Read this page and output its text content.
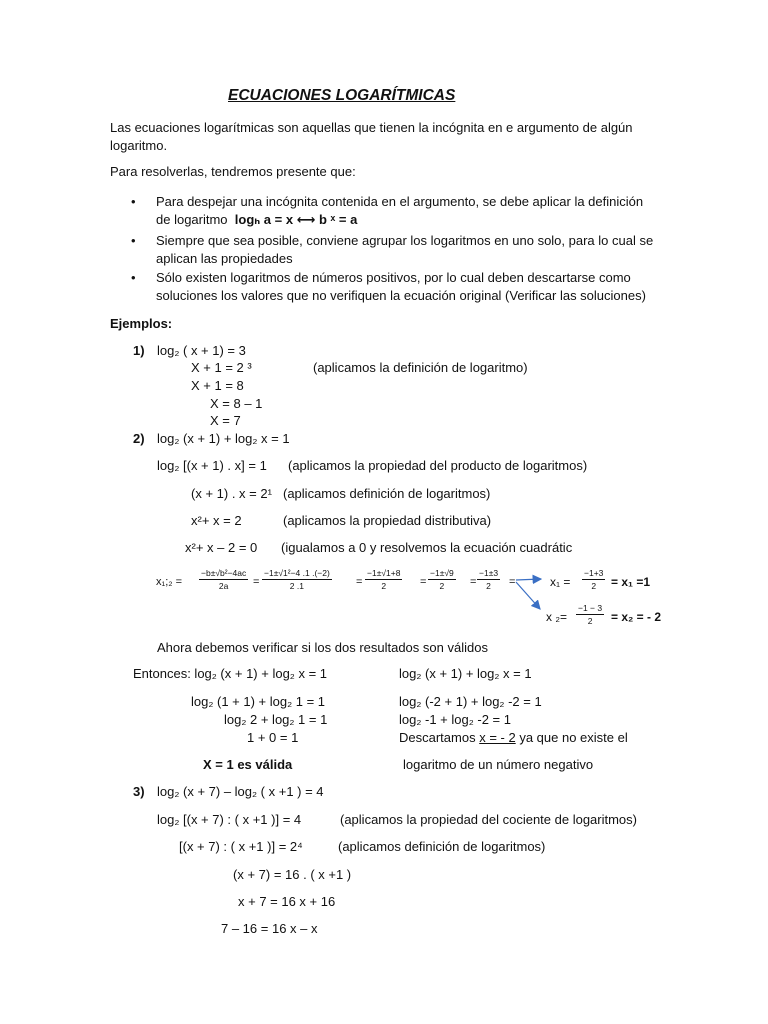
ECUACIONES LOGARÍTMICAS
Las ecuaciones logarítmicas son aquellas que tienen la incógnita en e argumento de algún
logaritmo.
Para resolverlas, tendremos presente que:
• Para despejar una incógnita contenida en el argumento, se debe aplicar la definición
de logaritmo logₕ a = x ⟷ b ˣ = a
• Siempre que sea posible, conviene agrupar los logaritmos en uno solo, para lo cual se
aplican las propiedades
• Sólo existen logaritmos de números positivos, por lo cual deben descartarse como
soluciones los valores que no verifiquen la ecuación original (Verificar las soluciones)
Ejemplos:
1) log₂ ( x + 1) = 3
X + 1 = 2 ³	(aplicamos la definición de logaritmo)
X + 1 = 8
X = 8 – 1
X = 7
2) log₂ (x + 1) + log₂ x = 1
log₂ [(x + 1) . x] = 1 (aplicamos la propiedad del producto de logaritmos)
(x + 1) . x = 2¹ (aplicamos definición de logaritmos)
x²+ x = 2	(aplicamos la propiedad distributiva)
x²+ x – 2 = 0 (igualamos a 0 y resolvemos la ecuación cuadrátic
x₁;₂ = $\frac{\text{−b±√b²−4ac}}{2a} = \frac{\text{−1±√1²−4 .1 .(−2)}}{2 .1} = \frac{-1\pm√1+8}{2} = \frac{-1\pm√9}{2} = \frac{-1\pm 3}{2}$ =	$x_1 = \frac{-1+3}{2} = x_1 =1$
x $_2= \frac{-1 - 3}{2} = x_2$ = - 2
Ahora debemos verificar si los dos resultados son válidos
Entonces: log₂ (x + 1) + log₂ x = 1
log₂ (1 + 1) + log₂ 1 = 1
log₂ 2 + log₂ 1 = 1
1 + 0 = 1
X = 1 es válida
log₂ (x + 1) + log₂ x = 1
log₂ (-2 + 1) + log₂ -2 = 1
log₂ -1 + log₂ -2 = 1
Descartamos x = - 2 ya que no existe el
logaritmo de un número negativo
3) log₂ (x + 7) – log₂ ( x +1 ) = 4
log₂ [(x + 7) : ( x +1 )] = 4	(aplicamos la propiedad del cociente de logaritmos)
[(x + 7) : ( x +1 )] = 2⁴	(aplicamos definición de logaritmos)
(x + 7) = 16 . ( x +1 )
x + 7 = 16 x + 16
7 – 16 = 16 x – x
